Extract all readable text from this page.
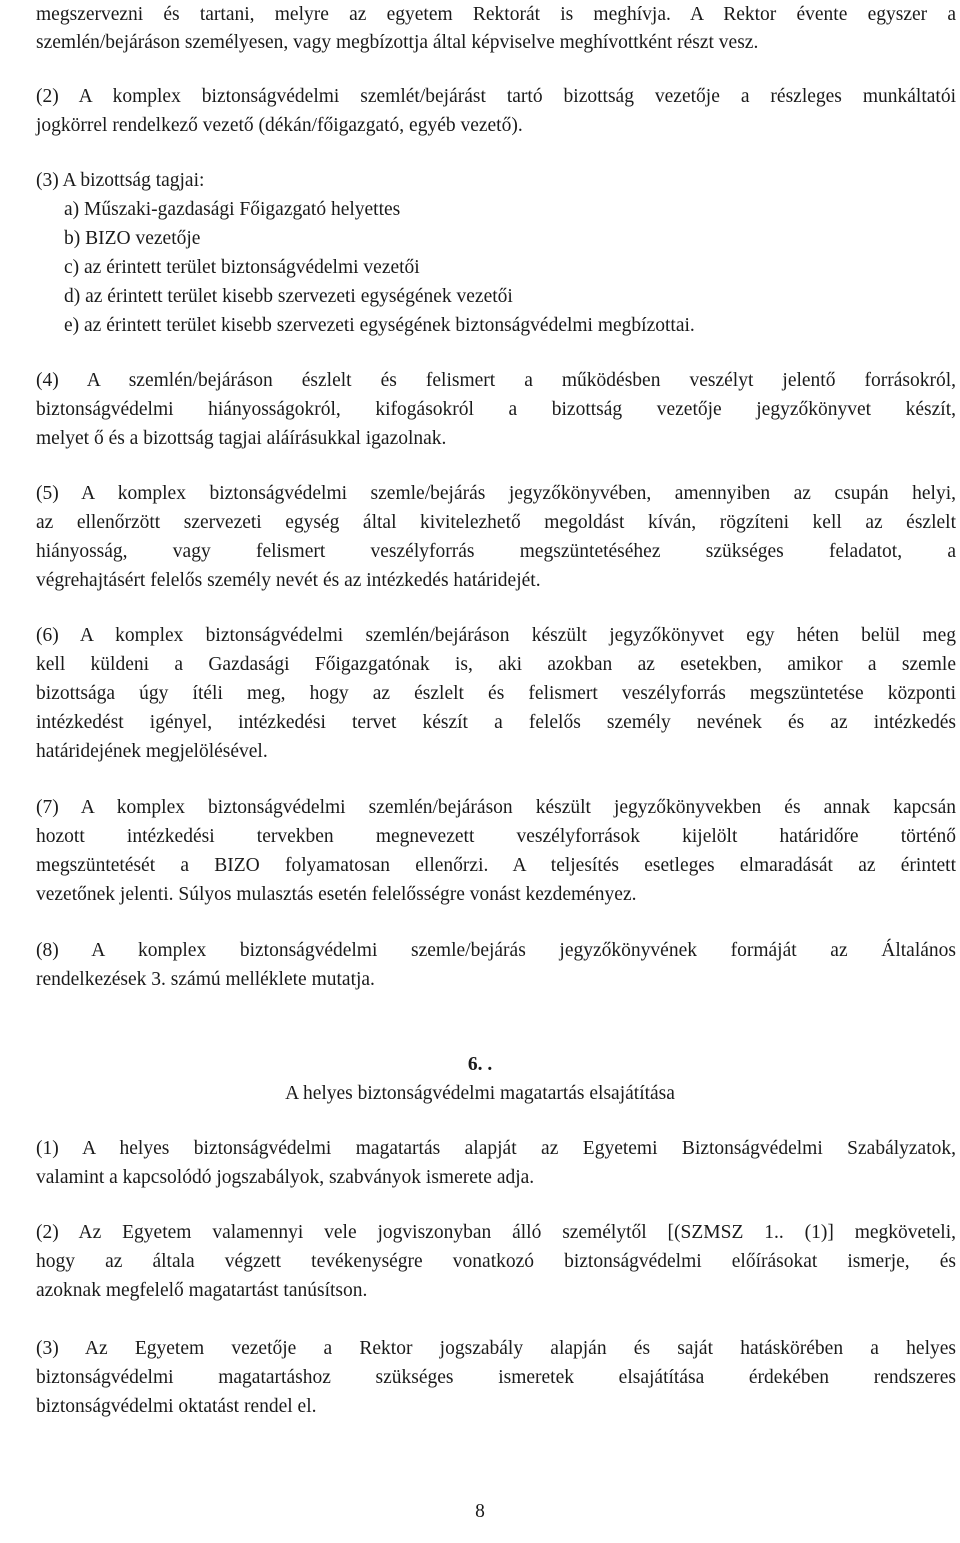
megszervezni és tartani, melyre az egyetem Rektorát is meghívja. A Rektor évente egyszer a
szemlén/bejáráson személyesen, vagy megbízottja által képviselve meghívottként részt vesz.
(2) A komplex biztonságvédelmi szemlét/bejárást tartó bizottság vezetője a részleges munkáltatói
jogkörrel rendelkező vezető (dékán/főigazgató, egyéb vezető).
(3) A bizottság tagjai:
a) Műszaki-gazdasági Főigazgató helyettes
b) BIZO vezetője
c) az érintett terület biztonságvédelmi vezetői
d) az érintett terület kisebb szervezeti egységének vezetői
e) az érintett terület kisebb szervezeti egységének biztonságvédelmi megbízottai.
(4) A szemlén/bejáráson észlelt és felismert a működésben veszélyt jelentő forrásokról,
biztonságvédelmi hiányosságokról, kifogásokról a bizottság vezetője jegyzőkönyvet készít,
melyet ő és a bizottság tagjai aláírásukkal igazolnak.
(5) A komplex biztonságvédelmi szemle/bejárás jegyzőkönyvében, amennyiben az csupán helyi,
az ellenőrzött szervezeti egység által kivitelezhető megoldást kíván, rögzíteni kell az észlelt
hiányosság, vagy felismert veszélyforrás megszüntetéséhez szükséges feladatot, a
végrehajtásért felelős személy nevét és az intézkedés határidejét.
(6) A komplex biztonságvédelmi szemlén/bejáráson készült jegyzőkönyvet egy héten belül meg
kell küldeni a Gazdasági Főigazgatónak is, aki azokban az esetekben, amikor a szemle
bizottsága úgy ítéli meg, hogy az észlelt és felismert veszélyforrás megszüntetése központi
intézkedést igényel, intézkedési tervet készít a felelős személy nevének és az intézkedés
határidejének megjelölésével.
(7) A komplex biztonságvédelmi szemlén/bejáráson készült jegyzőkönyvekben és annak kapcsán
hozott intézkedési tervekben megnevezett veszélyforrások kijelölt határidőre történő
megszüntetését a BIZO folyamatosan ellenőrzi. A teljesítés esetleges elmaradását az érintett
vezetőnek jelenti. Súlyos mulasztás esetén felelősségre vonást kezdeményez.
(8) A komplex biztonságvédelmi szemle/bejárás jegyzőkönyvének formáját az Általános
rendelkezések 3. számú melléklete mutatja.
6. .
A helyes biztonságvédelmi magatartás elsajátítása
(1) A helyes biztonságvédelmi magatartás alapját az Egyetemi Biztonságvédelmi Szabályzatok,
valamint a kapcsolódó jogszabályok, szabványok ismerete adja.
(2) Az Egyetem valamennyi vele jogviszonyban álló személytől [(SZMSZ 1.. (1)] megköveteli,
hogy az általa végzett tevékenységre vonatkozó biztonságvédelmi előírásokat ismerje, és
azoknak megfelelő magatartást tanúsítson.
(3) Az Egyetem vezetője a Rektor jogszabály alapján és saját hatáskörében a helyes
biztonságvédelmi magatartáshoz szükséges ismeretek elsajátítása érdekében rendszeres
biztonságvédelmi oktatást rendel el.
8
